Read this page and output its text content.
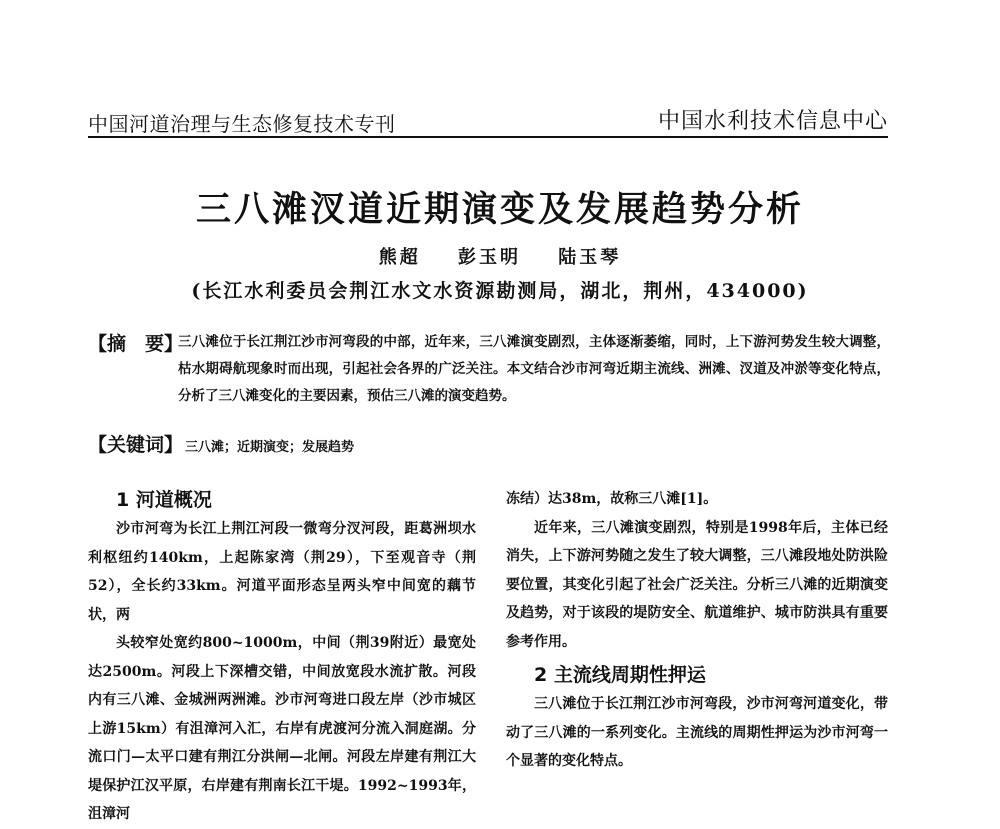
中国河道治理与生态修复技术专刊	中国水利技术信息中心
三八滩汊道近期演变及发展趋势分析
熊超 彭玉明 陆玉琴
(长江水利委员会荆江水文水资源勘测局，湖北，荆州，434000)
【摘　要】
三八滩位于长江荆江沙市河弯段的中部，近年来，三八滩演变剧烈，主体逐渐萎缩，同时，上下游河势发生较大调整，枯水期碍航现象时而出现，引起社会各界的广泛关注。本文结合沙市河弯近期主流线、洲滩、汊道及冲淤等变化特点，分析了三八滩变化的主要因素，预估三八滩的演变趋势。
【关键词】 三八滩；近期演变；发展趋势
1 河道概况

沙市河弯为长江上荆江河段一微弯分汊河段，距葛洲坝水利枢纽约140km，上起陈家湾（荆29），下至观音寺（荆52），全长约33km。河道平面形态呈两头窄中间宽的藕节状，两

头较窄处宽约800~1000m，中间（荆39附近）最宽处达2500m。河段上下深槽交错，中间放宽段水流扩散。河段内有三八滩、金城洲两洲滩。沙市河弯进口段左岸（沙市城区上游15km）有沮漳河入汇，右岸有虎渡河分流入洞庭湖。分流口门—太平口建有荆江分洪闸—北闸。河段左岸建有荆江大堤保护江汉平原，右岸建有荆南长江干堤。1992~1993年，沮漳河

冻结）达38m，故称三八滩[1]。

近年来，三八滩演变剧烈，特别是1998年后，主体已经消失，上下游河势随之发生了较大调整，三八滩段地处防洪险要位置，其变化引起了社会广泛关注。分析三八滩的近期演变及趋势，对于该段的堤防安全、航道维护、城市防洪具有重要参考作用。

2 主流线周期性押运

三八滩位于长江荆江沙市河弯段，沙市河弯河道变化，带动了三八滩的一系列变化。主流线的周期性押运为沙市河弯一个显著的变化特点。
